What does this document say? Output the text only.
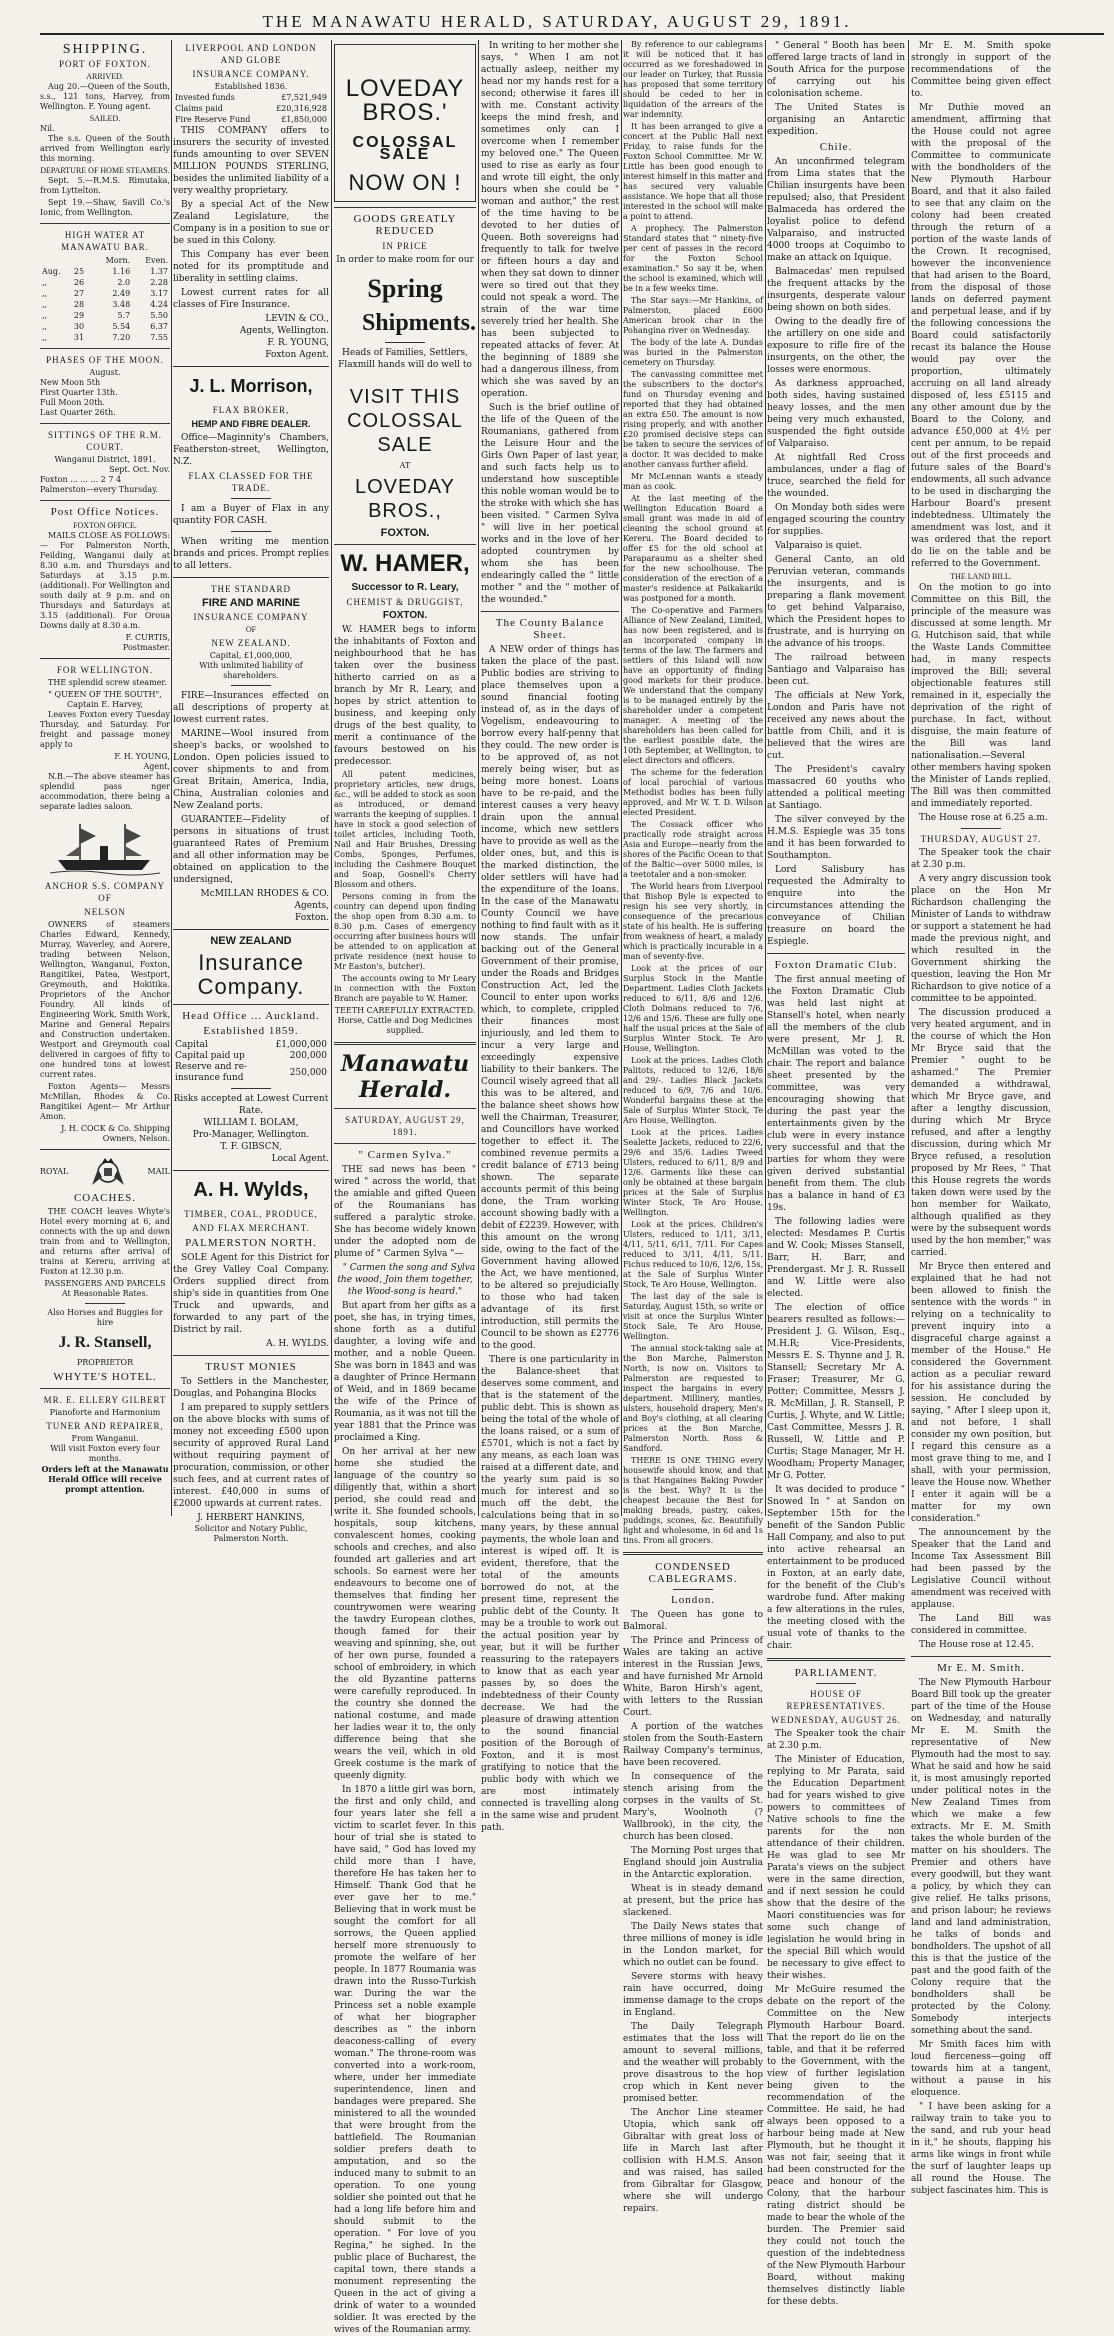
THE MANAWATU HERALD, SATURDAY, AUGUST 29, 1891.
SHIPPING.
PORT OF FOXTON.
ARRIVED.
Aug 20.—Queen of the South, s.s., 121 tons, Harvey, from Wellington. F. Young agent.
SAILED.
Nil.
The s.s. Queen of the South arrived from Wellington early this morning.
DEPARTURE OF HOME STEAMERS.
Sept. 5.—R.M.S. Rimutaka, from Lyttelton.
Sept 19.—Shaw, Savill Co.'s Ionic, from Wellington.
HIGH WATER AT MANAWATU BAR.
		Morn.	Even.
Aug.	25	1.16	1.37
,,	26	2.0	2.28
,,	27	2.49	3.17
,,	28	3.48	4.24
,,	29	5.7	5.50
,,	30	5.54	6.37
,,	31	7.20	7.55
PHASES OF THE MOON.
August.
New Moon 5th
First Quarter 13th.
Full Moon 20th.
Last Quarter 26th.
SITTINGS OF THE R.M. COURT.
Wanganui District, 1891.
Sept. Oct. Nov.
Foxton ... ... ... 2 7 4
Palmerston—every Thursday.
Post Office Notices.
FOXTON OFFICE.
MAILS CLOSE AS FOLLOWS:— For Palmerston North, Feilding, Wanganui daily at 8.30 a.m. and Thursdays and Saturdays at 3.15 p.m. (additional). For Wellington and south daily at 9 p.m. and on Thursdays and Saturdays at 3.15 (additional). For Oroua Downs daily at 8.30 a.m.
F. CURTIS,
Postmaster.
FOR WELLINGTON.
THE splendid screw steamer.
" QUEEN OF THE SOUTH",
Captain E. Harvey,
Leaves Foxton every Tuesday Thursday, and Saturday. For freight and passage money apply to
F. H. YOUNG,
Agent,
N.B.—The above steamer has splendid pass nger accommodation, there being a separate ladies saloon.
ANCHOR S.S. COMPANY OF
NELSON
OWNERS of steamers Charles Edward, Kennedy, Murray, Waverley, and Aorere, trading between Nelson, Wellington, Wanganui, Foxton, Rangitikei, Patea, Westport, Greymouth, and Hokitika. Proprietors of the Anchor Foundry. All kinds of Engineering Work, Smith Work, Marine and General Repairs and Construction undertaken. Westport and Greymouth coal delivered in cargoes of fifty to one hundred tons at lowest current rates.
Foxton Agents— Messrs McMillan, Rhodes & Co. Rangitikei Agent— Mr Arthur Amon.
J. H. COCK & Co. Shipping Owners, Nelson.
ROYAL	MAIL
COACHES.
THE COACH leaves Whyte's Hotel every morning at 6, and connects with the up and down train from and to Wellington, and returns after arrival of trains at Kereru, arriving at Foxton at 12.30 p.m.
PASSENGERS AND PARCELS
At Reasonable Rates.
Also Horses and Buggies for hire
J. R. Stansell,
PROPRIETOR
WHYTE'S HOTEL.
MR. E. ELLERY GILBERT
Pianoforte and Harmonium
TUNER AND REPAIRER,
From Wanganui.
Will visit Foxton every four months.
Orders left at the Manawatu Herald Office will receive prompt attention.
LIVERPOOL AND LONDON AND GLOBE
INSURANCE COMPANY.
Established 1836.
Invested funds	£7,521,949
Claims paid	£20,316,928
Fire Reserve Fund	£1,850,000
THIS COMPANY offers to insurers the security of invested funds amounting to over SEVEN MILLION POUNDS STERLING, besides the unlimited liability of a very wealthy proprietary.
By a special Act of the New Zealand Legislature, the Company is in a position to sue or be sued in this Colony.
This Company has ever been noted for its promptitude and liberality in settling claims.
Lowest current rates for all classes of Fire Insurance.
LEVIN & CO.,
Agents, Wellington.
F. R. YOUNG,
Foxton Agent.
J. L. Morrison,
FLAX BROKER,
HEMP AND FIBRE DEALER.
Office—Maginnity's Chambers, Featherston-street, Wellington, N.Z.
FLAX CLASSED FOR THE TRADE.
I am a Buyer of Flax in any quantity FOR CASH.
When writing me mention brands and prices. Prompt replies to all letters.
THE STANDARD
FIRE AND MARINE
INSURANCE COMPANY
OF
NEW ZEALAND.
Capital, £1,000,000,
With unlimited liability of shareholders.
FIRE—Insurances effected on all descriptions of property at lowest current rates.
MARINE—Wool insured from sheep's backs, or woolshed to London. Open policies issued to cover shipments to and from Great Britain, America, India, China, Australian colonies and New Zealand ports.
GUARANTEE—Fidelity of persons in situations of trust guaranteed Rates of Premium and all other information may be obtained on application to the undersigned,
McMILLAN RHODES & CO.
Agents,
Foxton.
NEW ZEALAND
Insurance Company.
Head Office ... Auckland.
Established 1859.
Capital	£1,000,000
Capital paid up	200,000
Reserve and re-insurance fund	250,000
Risks accepted at Lowest Current Rate.
WILLIAM I. BOLAM,
Pro-Manager, Wellington.
T. F. GIBSCN,
Local Agent.
A. H. Wylds,
TIMBER, COAL, PRODUCE,
AND FLAX MERCHANT.
PALMERSTON NORTH.
SOLE Agent for this District for the Grey Valley Coal Company. Orders supplied direct from ship's side in quantities from One Truck and upwards, and forwarded to any part of the District by rail.
A. H. WYLDS.
TRUST MONIES
To Settlers in the Manchester, Douglas, and Pohangina Blocks
I am prepared to supply settlers on the above blocks with sums of money not exceeding £500 upon security of approved Rural Land without requiring payment of procuration, commission, or other such fees, and at current rates of interest. £40,000 in sums of £2000 upwards at current rates.
J. HERBERT HANKINS,
Solicitor and Notary Public,
Palmerston North.
LOVEDAY BROS.'
COLOSSAL SALE
NOW ON !
GOODS GREATLY REDUCED
IN PRICE
In order to make room for our
Spring
Shipments.
Heads of Families, Settlers, Flaxmill hands will do well to
VISIT THIS COLOSSAL SALE
AT
LOVEDAY BROS.,
FOXTON.
W. HAMER,
Successor to R. Leary,
CHEMIST & DRUGGIST,
FOXTON.
W. HAMER begs to inform the inhabitants of Foxton and neighbourhood that he has taken over the business hitherto carried on as a branch by Mr R. Leary, and hopes by strict attention to business, and keeping only drugs of the best quality, to merit a continuance of the favours bestowed on his predecessor.
All patent medicines, proprietory articles, new drugs, &c., will be added to stock as soon as introduced, or demand warrants the keeping of supplies. I have in stock a good selection of toilet articles, including Tooth, Nail and Hair Brushes, Dressing Combs, Sponges, Perfumes, including the Cashmere Bouquet and Soap, Gosnell's Cherry Blossom and others.
Persons coming in from the country can depend upon finding the shop open from 8.30 a.m. to 8.30 p.m. Cases of emergency occurring after business hours will be attended to on application at private residence (next house to Mr Easton's, butcher).
The accounts owing to Mr Leary in connection with the Foxton Branch are payable to W. Hamer.
TEETH CAREFULLY EXTRACTED.
Horse, Cattle and Dog Medicines supplied.
Manawatu Herald.
SATURDAY, AUGUST 29, 1891.
" Carmen Sylva."
THE sad news has been " wired " across the world, that the amiable and gifted Queen of the Roumanians has suffered a paralytic stroke. She has become widely known under the adopted nom de plume of " Carmen Sylva "—
" Carmen the song and Sylva the wood, Join them together, the Wood-song is heard."
But apart from her gifts as a poet, she has, in trying times, shone forth as a dutiful daughter, a loving wife and mother, and a noble Queen. She was born in 1843 and was a daughter of Prince Hermann of Weid, and in 1869 became the wife of the Prince of Roumania, as it was not till the year 1881 that the Prince was proclaimed a King.
On her arrival at her new home she studied the language of the country so diligently that, within a short period, she could read and write it. She founded schools, hospitals, soup kitchens, convalescent homes, cooking schools and creches, and also founded art galleries and art schools. So earnest were her endeavours to become one of themselves that finding her countrywomen were wearing the tawdry European clothes, though famed for their weaving and spinning, she, out of her own purse, founded a school of embroidery, in which the old Byzantine patterns were carefully reproduced. In the country she donned the national costume, and made her ladies wear it to, the only difference being that she wears the veil, which in old Greek costume is the mark of queenly dignity.
In 1870 a little girl was born, the first and only child, and four years later she fell a victim to scarlet fever. In this hour of trial she is stated to have said, " God has loved my child more than I have, therefore He has taken her to Himself. Thank God that he ever gave her to me." Believing that in work must be sought the comfort for all sorrows, the Queen applied herself more strenuously to promote the welfare of her people. In 1877 Roumania was drawn into the Russo-Turkish war. During the war the Princess set a noble example of what her biographer describes as " the inborn deaconess-calling of every woman." The throne-room was converted into a work-room, where, under her immediate superintendence, linen and bandages were prepared. She ministered to all the wounded that were brought from the battlefield. The Roumanian soldier prefers death to amputation, and so the induced many to submit to an operation. To one young soldier she pointed out that he had a long life before him and should submit to the operation. " For love of you Regina," he sighed. In the public place of Bucharest, the capital town, there stands a monument representing the Queen in the act of giving a drink of water to a wounded soldier. It was erected by the wives of the Roumanian army.
In writing to her mother she says, " When I am not actually asleep, neither my head nor my hands rest for a second; otherwise it fares ill with me. Constant activity keeps the mind fresh, and sometimes only can I overcome when I remember my beloved one." The Queen used to rise as early as four and wrote till eight, the only hours when she could be " woman and author," the rest of the time having to be devoted to her duties of Queen. Both sovereigns had frequently to talk for twelve or fifteen hours a day and when they sat down to dinner were so tired out that they could not speak a word. The strain of the war time severely tried her health. She has been subjected to repeated attacks of fever. At the beginning of 1889 she had a dangerous illness, from which she was saved by an operation.
Such is the brief outline of the life of the Queen of the Roumanians, gathered from the Leisure Hour and the Girls Own Paper of last year, and such facts help us to understand how susceptible this noble woman would be to the stroke with which she has been visited. " Carmen Sylva " will live in her poetical works and in the love of her adopted countrymen by whom she has been endearingly called the " little mother " and the " mother of the wounded."
The County Balance Sheet.
A NEW order of things has taken the place of the past. Public bodies are striving to place themselves upon a sound financial footing instead of, as in the days of Vogelism, endeavouring to borrow every half-penny that they could. The new order is to be approved of, as not merely being wiser, but as being more honest. Loans have to be re-paid, and the interest causes a very heavy drain upon the annual income, which new settlers have to provide as well as the older ones, but, and this is the marked distinction, the older settlers will have had the expenditure of the loans. In the case of the Manawatu County Council we have nothing to find fault with as it now stands. The unfair backing out of the General Government of their promise, under the Roads and Bridges Construction Act, led the Council to enter upon works which, to complete, crippled their finances most injuriously, and led them to incur a very large and exceedingly expensive liability to their bankers. The Council wisely agreed that all this was to be altered, and the balance sheet shows how well the Chairman, Treasurer, and Councillors have worked together to effect it. The combined revenue permits a credit balance of £713 being shown. The separate accounts permit of this being done, the Tram working account showing badly with a debit of £2239. However, with this amount on the wrong side, owing to the fact of the Government having allowed the Act, we have mentioned, to be altered so prejudicially to those who had taken advantage of its first introduction, still permits the Council to be shown as £2776 to the good.
There is one particularity in the Balance-sheet that deserves some comment, and that is the statement of the public debt. This is shown as being the total of the whole of the loans raised, or a sum of £5701, which is not a fact by any means, as each loan was raised at a different date, and the yearly sum paid is so much for interest and so much off the debt, the calculations being that in so many years, by these annual payments, the whole loan and interest is wiped off. It is evident, therefore, that the total of the amounts borrowed do not, at the present time, represent the public debt of the County. It may be a trouble to work out the actual position year by year, but it will be further reassuring to the ratepayers to know that as each year passes by, so does the indebtedness of their County decrease. We had the pleasure of drawing attention to the sound financial position of the Borough of Foxton, and it is most gratifying to notice that the public body with which we are most intimately connected is travelling along in the same wise and prudent path.
By reference to our cablegrams it will be noticed that it has occurred as we foreshadowed in our leader on Turkey, that Russia has proposed that some territory should be ceded to her in liquidation of the arrears of the war indemnity.
It has been arranged to give a concert at the Public Hall next Friday, to raise funds for the Foxton School Committee. Mr W. Little has been good enough to interest himself in this matter and has secured very valuable assistance. We hope that all those interested in the school will make a point to attend.
A prophecy. The Palmerston Standard states that " ninety-five per cent of passes in the record for the Foxton School examination." So say it be, when the school is examined, which will be in a few weeks time.
The Star says:—Mr Hankins, of Palmerston, placed £600 American brook char in the Pohangina river on Wednesday.
The body of the late A. Dundas was buried in the Palmerston cemetery on Thursday.
The canvassing committee met the subscribers to the doctor's fund on Thursday evening and reported that they had obtained an extra £50. The amount is now rising properly, and with another £20 promised decisive steps can be taken to secure the services of a doctor. It was decided to make another canvass further afield.
Mr McLennan wants a steady man as cook.
At the last meeting of the Wellington Education Board a small grant was made in aid of cleaning the school ground at Kereru. The Board decided to offer £5 for the old school at Paraparaumu as a shelter shed for the new schoolhouse. The consideration of the erection of a master's residence at Paikakariki was postponed for a month.
The Co-operative and Farmers Alliance of New Zealand, Limited, has now been registered, and is an incorporated company in terms of the law. The farmers and settlers of this Island will now have an opportunity of finding good markets for their produce. We understand that the company is to be managed entirely by the shareholder under a competent manager. A meeting of the shareholders has been called for the earliest possible date, the 10th September, at Wellington, to elect directors and officers.
The scheme for the federation of local parochial of various Methodist bodies has been fully approved, and Mr W. T. D. Wilson elected President.
The Cossack officer who practically rode straight across Asia and Europe—nearly from the shores of the Pacific Ocean to that of the Baltic—over 5000 miles, is a teetotaler and a non-smoker.
The World hears from Liverpool that Bishop Byle is expected to resign his see very shortly, in consequence of the precarious state of his health. He is suffering from weakness of heart, a malady which is practically incurable in a man of seventy-five.
Look at the prices of our Surplus Stock in the Mantle Department. Ladies Cloth Jackets reduced to 6/11, 8/6 and 12/6. Cloth Dolmans reduced to 7/6, 12/6 and 15/6. These are fully one half the usual prices at the Sale of Surplus Winter Stock. Te Aro House, Wellington.
Look at the prices. Ladies Cloth Palitots, reduced to 12/6, 18/6 and 29/-. Ladies Black Jackets reduced to 6/9, 7/6 and 10/6. Wonderful bargains these at the Sale of Surplus Winter Stock, Te Aro House, Wellington.
Look at the prices. Ladies Sealette Jackets, reduced to 22/6, 29/6 and 35/6. Ladies Tweed Ulsters, reduced to 6/11, 8/9 and 12/6. Garments like these can only be obtained at these bargain prices at the Sale of Surplus Winter Stock, Te Aro House, Wellington.
Look at the prices. Children's Ulsters, reduced to 1/11, 3/11, 4/11, 5/11, 6/11, 7/11. For Capes reduced to 3/11, 4/11, 5/11. Fichus reduced to 10/6, 12/6, 15s, at the Sale of Surplus Winter Stock, Te Aro House, Wellington.
The last day of the sale is Saturday, August 15th, so write or visit at once the Surplus Winter Stock Sale, Te Aro House, Wellington.
The annual stock-taking sale at the Bon Marche, Palmerston North, is now on. Visitors to Palmerston are requested to inspect the bargains in every department. Millinery, mantles, ulsters, household drapery, Men's and Boy's clothing, at all clearing prices at the Bon Marche, Palmerston North. Ross & Sandford.
THERE IS ONE THING every housewife should know, and that is that Hangaines Baking Powder is the best. Why? It is the cheapest because the Best for making breads, pastry, cakes, puddings, scones, &c. Beautifully light and wholesome, in 6d and 1s tins. From all grocers.
CONDENSED CABLEGRAMS.
London.
The Queen has gone to Balmoral.
The Prince and Princess of Wales are taking an active interest in the Russian Jews, and have furnished Mr Arnold White, Baron Hirsh's agent, with letters to the Russian Court.
A portion of the watches stolen from the South-Eastern Railway Company's terminus, have been recovered.
In consequence of the stench arising from the corpses in the vaults of St. Mary's, Woolnoth (? Wallbrook), in the city, the church has been closed.
The Morning Post urges that England should join Australia in the Antarctic exploration.
Wheat is in steady demand at present, but the price has slackened.
The Daily News states that three millions of money is idle in the London market, for which no outlet can be found.
Severe storms with heavy rain have occurred, doing immense damage to the crops in England.
The Daily Telegraph estimates that the loss will amount to several millions, and the weather will probably prove disastrous to the hop crop which in Kent never promised better.
The Anchor Line steamer Utopia, which sank off Gibraltar with great loss of life in March last after collision with H.M.S. Anson and was raised, has sailed from Gibraltar for Glasgow, where she will undergo repairs.
" General " Booth has been offered large tracts of land in South Africa for the purpose of carrying out his colonisation scheme.
The United States is organising an Antarctic expedition.
Chile.
An unconfirmed telegram from Lima states that the Chilian insurgents have been repulsed; also, that President Balmaceda has ordered the loyalist police to defend Valparaiso, and instructed 4000 troops at Coquimbo to make an attack on Iquique.
Balmacedas' men repulsed the frequent attacks by the insurgents, desperate valour being shown on both sides.
Owing to the deadly fire of the artillery on one side and exposure to rifle fire of the insurgents, on the other, the losses were enormous.
As darkness approached, both sides, having sustained heavy losses, and the men being very much exhausted, suspended the fight outside of Valparaiso.
At nightfall Red Cross ambulances, under a flag of truce, searched the field for the wounded.
On Monday both sides were engaged scouring the country for supplies.
Valparaiso is quiet.
General Canto, an old Peruvian veteran, commands the insurgents, and is preparing a flank movement to get behind Valparaiso, which the President hopes to frustrate, and is hurrying on the advance of his troops.
The railroad between Santiago and Valparaiso has been cut.
The officials at New York, London and Paris have not received any news about the battle from Chili, and it is believed that the wires are cut.
The President's cavalry massacred 60 youths who attended a political meeting at Santiago.
The silver conveyed by the H.M.S. Espiegle was 35 tons and it has been forwarded to Southampton.
Lord Salisbury has requested the Admiralty to enquire into the circumstances attending the conveyance of Chilian treasure on board the Espiegle.
Foxton Dramatic Club.
The first annual meeting of the Foxton Dramatic Club was held last night at Stansell's hotel, when nearly all the members of the club were present, Mr J. R. McMillan was voted to the chair. The report and balance sheet presented by the committee, was very encouraging showing that during the past year the entertainments given by the club were in every instance very successful and that the parties for whom they were given derived substantial benefit from them. The club has a balance in hand of £3 19s.
The following ladies were elected: Mesdames P. Curtis and W. Cook; Misses Stansell, Barr, H. Barr, and Prendergast. Mr J. R. Russell and W. Little were also elected.
The election of office bearers resulted as follows:—President J. G. Wilson, Esq., M.H.R; Vice-Presidents, Messrs E. S. Thynne and J. R. Stansell; Secretary Mr A. Fraser; Treasurer, Mr G. Potter; Committee, Messrs J. R. McMillan, J. R. Stansell, P. Curtis, J. Whyte, and W. Little; Cast Committee, Messrs J. R. Russell, W. Little and P. Curtis; Stage Manager, Mr H. Woodham; Property Manager, Mr G. Potter.
It was decided to produce " Snowed In " at Sandon on September 15th for the benefit of the Sandon Public Hall Company, and also to put into active rehearsal an entertainment to be produced in Foxton, at an early date, for the benefit of the Club's wardrobe fund. After making a few alterations in the rules, the meeting closed with the usual vote of thanks to the chair.
PARLIAMENT.
HOUSE OF REPRESENTATIVES.
WEDNESDAY, AUGUST 26.
The Speaker took the chair at 2.30 p.m.
The Minister of Education, replying to Mr Parata, said the Education Department had for years wished to give powers to committees of Native schools to fine the parents for the non attendance of their children. He was glad to see Mr Parata's views on the subject were in the same direction, and if next session he could show that the desire of the Maori constituencies was for some such change of legislation he would bring in the special Bill which would be necessary to give effect to their wishes.
Mr McGuire resumed the debate on the report of the Committee on the New Plymouth Harbour Board. That the report do lie on the table, and that it be referred to the Government, with the view of further legislation being given to the recommendation of the Committee. He said, he had always been opposed to a harbour being made at New Plymouth, but he thought it was not fair, seeing that it had been constructed for the peace and honour of the Colony, that the harbour rating district should be made to bear the whole of the burden. The Premier said they could not touch the question of the indebtedness of the New Plymouth Harbour Board, without making themselves distinctly liable for these debts.
Mr E. M. Smith spoke strongly in support of the recommendations of the Committee being given effect to.
Mr Duthie moved an amendment, affirming that the House could not agree with the proposal of the Committee to communicate with the bondholders of the New Plymouth Harbour Board, and that it also failed to see that any claim on the colony had been created through the return of a portion of the waste lands of the Crown. It recognised, however the inconvenience that had arisen to the Board, from the disposal of those lands on deferred payment and perpetual lease, and if by the following concessions the Board could satisfactorily recast its balance the House would pay over the proportion, ultimately accruing on all land already disposed of, less £5115 and any other amount due by the Board to the Colony, and advance £50,000 at 4½ per cent per annum, to be repaid out of the first proceeds and future sales of the Board's endowments, all such advance to be used in discharging the Harbour Board's present indebtedness. Ultimately the amendment was lost, and it was ordered that the report do lie on the table and be referred to the Government.
THE LAND BILL.
On the motion to go into Committee on this Bill, the principle of the measure was discussed at some length. Mr G. Hutchison said, that while the Waste Lands Committee had, in many respects improved the Bill; several objectionable features still remained in it, especially the deprivation of the right of purchase. In fact, without disguise, the main feature of the Bill was land nationalisation.—Several other members having spoken the Minister of Lands replied. The Bill was then committed and immediately reported.
The House rose at 6.25 a.m.
THURSDAY, AUGUST 27.
The Speaker took the chair at 2.30 p.m.
A very angry discussion took place on the Hon Mr Richardson challenging the Minister of Lands to withdraw or support a statement he had made the previous night, and which resulted in the Government shirking the question, leaving the Hon Mr Richardson to give notice of a committee to be appointed.
The discussion produced a very heated argument, and in the course of which the Hon Mr Bryce said that the Premier " ought to be ashamed." The Premier demanded a withdrawal, which Mr Bryce gave, and after a lengthy discussion, during which Mr Bryce refused, and after a lengthy discussion, during which Mr Bryce refused, a resolution proposed by Mr Rees, " That this House regrets the words taken down were used by the hon member for Waikato, although qualified as they were by the subsequent words used by the hon member," was carried.
Mr Bryce then entered and explained that he had not been allowed to finish the sentence with the words " in relying on a technicality to prevent inquiry into a disgraceful charge against a member of the House." He considered the Government action as a peculiar reward for his assistance during the session. He concluded by saying, " After I sleep upon it, and not before, I shall consider my own position, but I regard this censure as a most grave thing to me, and I shall, with your permission, leave the House now. Whether I enter it again will be a matter for my own consideration."
The announcement by the Speaker that the Land and Income Tax Assessment Bill had been passed by the Legislative Council without amendment was received with applause.
The Land Bill was considered in committee.
The House rose at 12.45.
Mr E. M. Smith.
The New Plymouth Harbour Board Bill took up the greater part of the time of the House on Wednesday, and naturally Mr E. M. Smith the representative of New Plymouth had the most to say. What he said and how he said it, is most amusingly reported under political notes in the New Zealand Times from which we make a few extracts. Mr E. M. Smith takes the whole burden of the matter on his shoulders. The Premier and others have every goodwill, but they want a policy, by which they can give relief. He talks prisons, and prison labour; he reviews land and land administration, he talks of bonds and bondholders. The upshot of all this is that the justice of the past and the good faith of the Colony require that the bondholders shall be protected by the Colony. Somebody interjects something about the sand.
Mr Smith faces him with loud fierceness—going off towards him at a tangent, without a pause in his eloquence.
" I have been asking for a railway train to take you to the sand, and rub your head in it," he shouts, flapping his arms like wings in front while the surf of laughter leaps up all round the House. The subject fascinates him. This is
